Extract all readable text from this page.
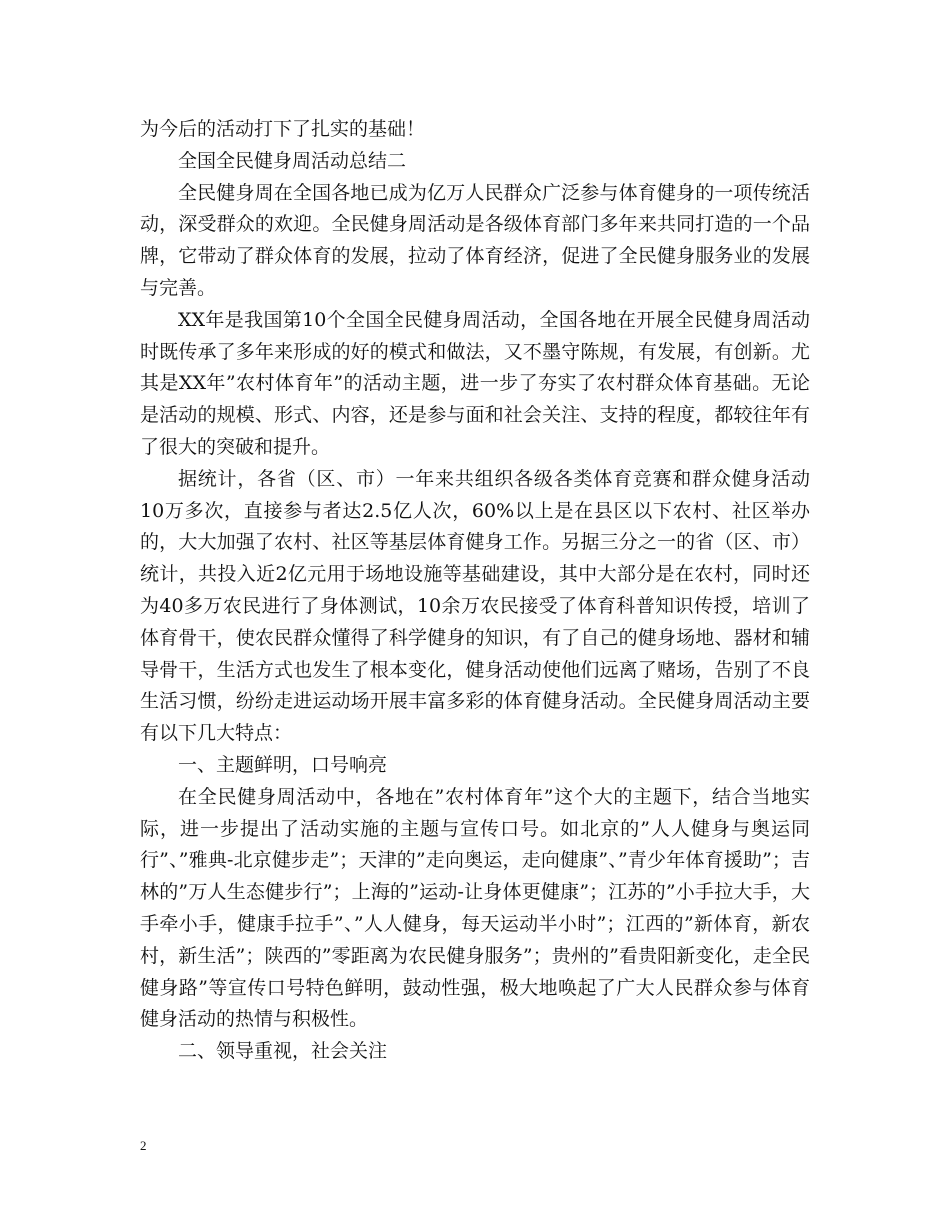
为今后的活动打下了扎实的基础！

全国全民健身周活动总结二

全民健身周在全国各地已成为亿万人民群众广泛参与体育健身的一项传统活动，深受群众的欢迎。全民健身周活动是各级体育部门多年来共同打造的一个品牌，它带动了群众体育的发展，拉动了体育经济，促进了全民健身服务业的发展与完善。

XX年是我国第10个全国全民健身周活动，全国各地在开展全民健身周活动时既传承了多年来形成的好的模式和做法，又不墨守陈规，有发展，有创新。尤其是XX年”农村体育年”的活动主题，进一步了夯实了农村群众体育基础。无论是活动的规模、形式、内容，还是参与面和社会关注、支持的程度，都较往年有了很大的突破和提升。

据统计，各省（区、市）一年来共组织各级各类体育竞赛和群众健身活动10万多次，直接参与者达2.5亿人次，60%以上是在县区以下农村、社区举办的，大大加强了农村、社区等基层体育健身工作。另据三分之一的省（区、市）统计，共投入近2亿元用于场地设施等基础建设，其中大部分是在农村，同时还为40多万农民进行了身体测试，10余万农民接受了体育科普知识传授，培训了体育骨干，使农民群众懂得了科学健身的知识，有了自己的健身场地、器材和辅导骨干，生活方式也发生了根本变化，健身活动使他们远离了赌场，告别了不良生活习惯，纷纷走进运动场开展丰富多彩的体育健身活动。全民健身周活动主要有以下几大特点：

一、主题鲜明，口号响亮

在全民健身周活动中，各地在”农村体育年”这个大的主题下，结合当地实际，进一步提出了活动实施的主题与宣传口号。如北京的”人人健身与奥运同行”、”雅典-北京健步走”；天津的”走向奥运，走向健康”、”青少年体育援助”；吉林的”万人生态健步行”；上海的”运动-让身体更健康”；江苏的”小手拉大手，大手牵小手，健康手拉手”、”人人健身，每天运动半小时”；江西的”新体育，新农村，新生活”；陕西的”零距离为农民健身服务”；贵州的”看贵阳新变化，走全民健身路”等宣传口号特色鲜明，鼓动性强，极大地唤起了广大人民群众参与体育健身活动的热情与积极性。

二、领导重视，社会关注

2
